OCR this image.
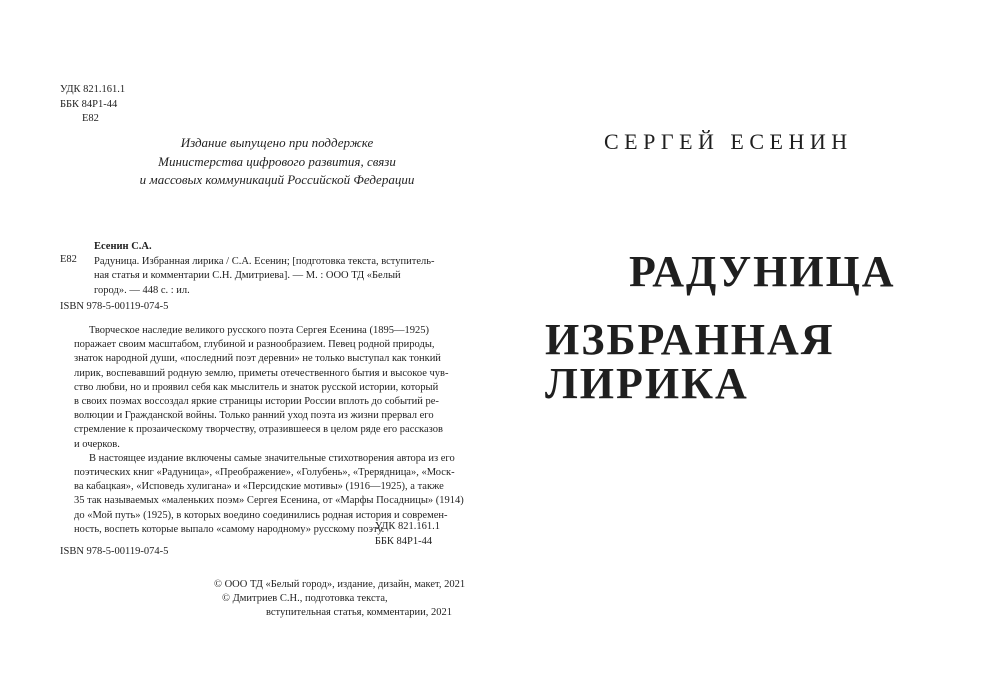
УДК 821.161.1
ББК 84Р1-44
Е82
Издание выпущено при поддержке
Министерства цифрового развития, связи
и массовых коммуникаций Российской Федерации
Е82
Есенин С.А.
Радуница. Избранная лирика / С.А. Есенин; [подготовка текста, вступитель-
ная статья и комментарии С.Н. Дмитриева]. — М. : ООО ТД «Белый
город». — 448 с. : ил.
ISBN 978-5-00119-074-5
Творческое наследие великого русского поэта Сергея Есенина (1895—1925)
поражает своим масштабом, глубиной и разнообразием. Певец родной природы,
знаток народной души, «последний поэт деревни» не только выступал как тонкий
лирик, воспевавший родную землю, приметы отечественного бытия и высокое чув-
ство любви, но и проявил себя как мыслитель и знаток русской истории, который
в своих поэмах воссоздал яркие страницы истории России вплоть до событий ре-
волюции и Гражданской войны. Только ранний уход поэта из жизни прервал его
стремление к прозаическому творчеству, отразившееся в целом ряде его рассказов
и очерков.
В настоящее издание включены самые значительные стихотворения автора из его
поэтических книг «Радуница», «Преображение», «Голубень», «Трерядница», «Моск-
ва кабацкая», «Исповедь хулигана» и «Персидские мотивы» (1916—1925), а также
35 так называемых «маленьких поэм» Сергея Есенина, от «Марфы Посадницы» (1914)
до «Мой путь» (1925), в которых воедино соединились родная история и современ-
ность, воспеть которые выпало «самому народному» русскому поэту.
УДК 821.161.1
ББК 84Р1-44
ISBN 978-5-00119-074-5
© ООО ТД «Белый город», издание, дизайн, макет, 2021
© Дмитриев С.Н., подготовка текста,
вступительная статья, комментарии, 2021
СЕРГЕЙ ЕСЕНИН
РАДУНИЦА
ИЗБРАННАЯ ЛИРИКА
